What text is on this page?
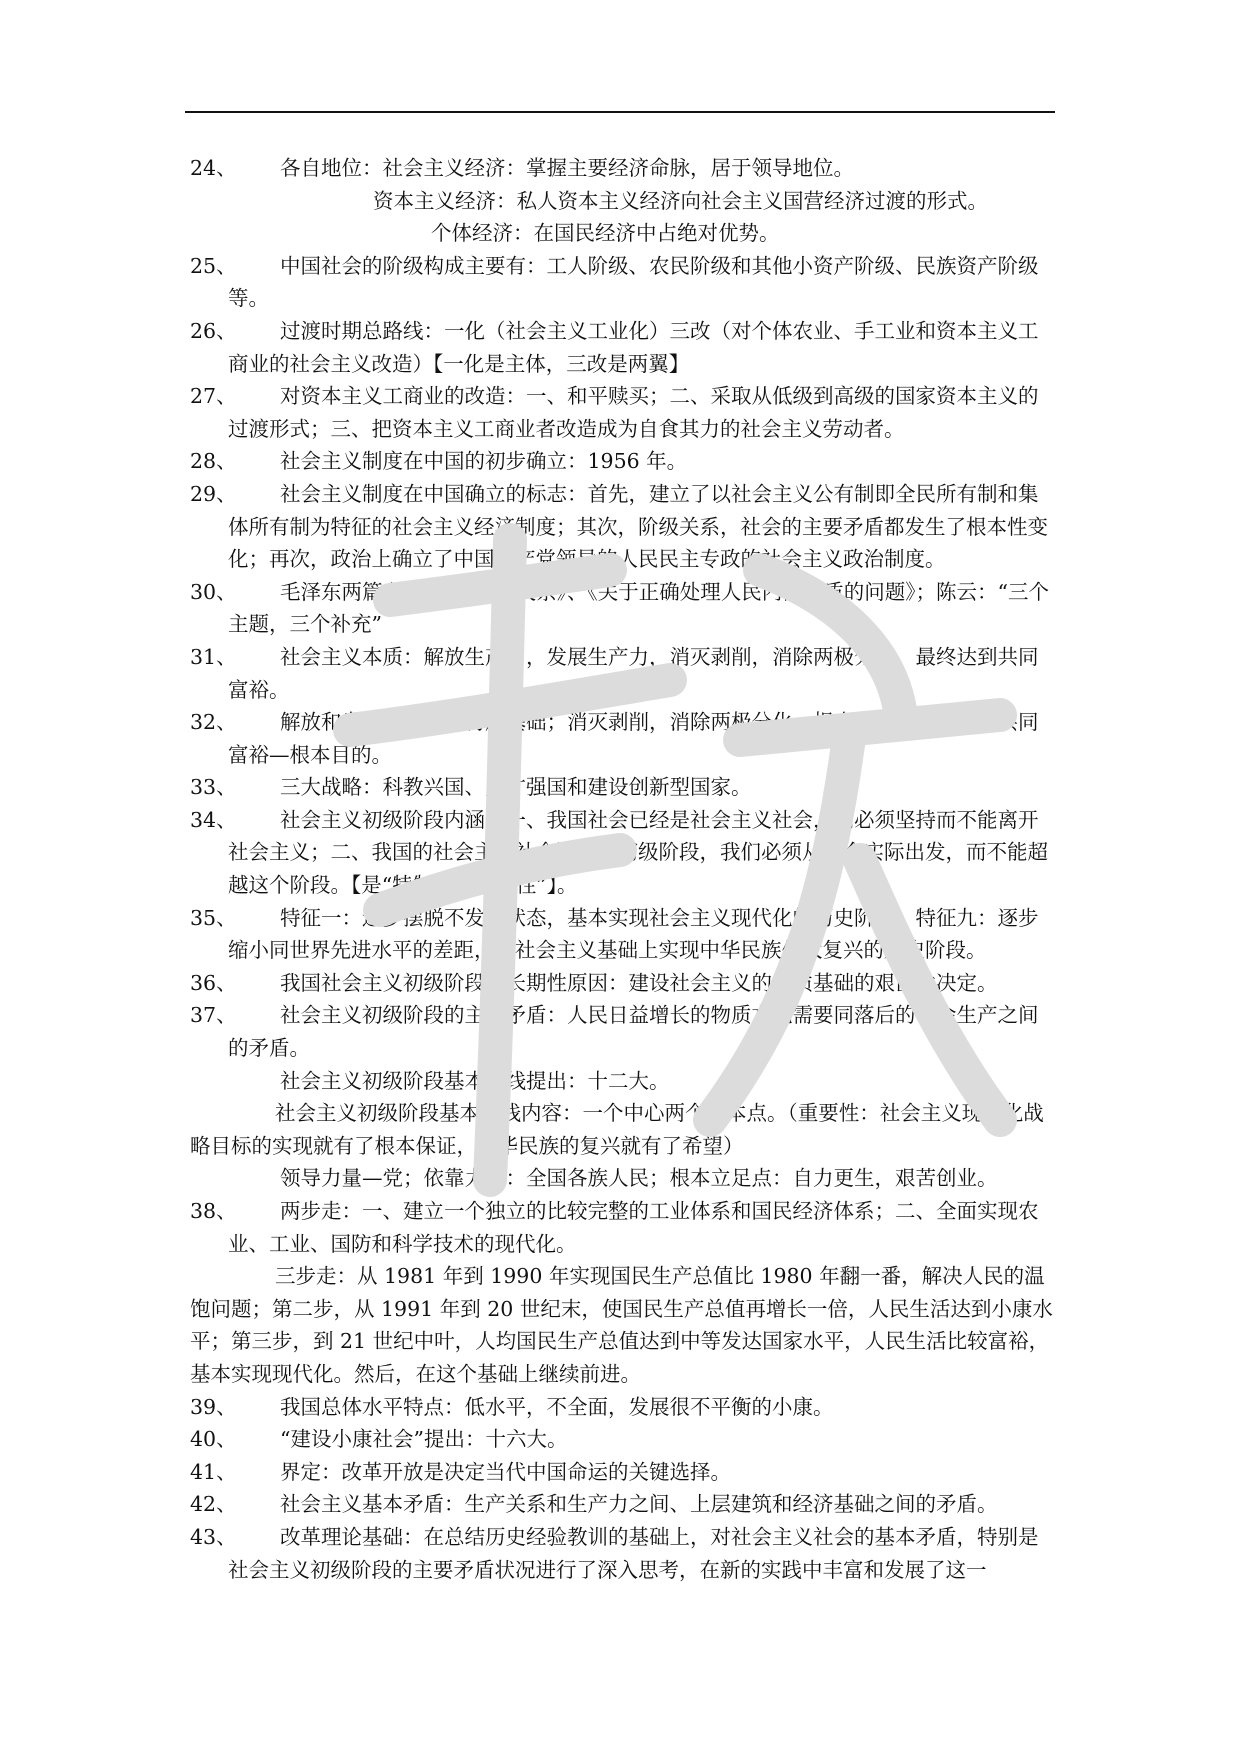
24、	各自地位：社会主义经济：掌握主要经济命脉，居于领导地位。
资本主义经济：私人资本主义经济向社会主义国营经济过渡的形式。
个体经济：在国民经济中占绝对优势。
25、	中国社会的阶级构成主要有：工人阶级、农民阶级和其他小资产阶级、民族资产阶级等。
26、	过渡时期总路线：一化（社会主义工业化）三改（对个体农业、手工业和资本主义工商业的社会主义改造）【一化是主体，三改是两翼】
27、	对资本主义工商业的改造：一、和平赎买；二、采取从低级到高级的国家资本主义的过渡形式；三、把资本主义工商业者改造成为自食其力的社会主义劳动者。
28、	社会主义制度在中国的初步确立：1956 年。
29、	社会主义制度在中国确立的标志：首先，建立了以社会主义公有制即全民所有制和集体所有制为特征的社会主义经济制度；其次，阶级关系，社会的主要矛盾都发生了根本性变化；再次，政治上确立了中国共产党领导的人民民主专政的社会主义政治制度。
30、	毛泽东两篇文章：《论十大关系》、《关于正确处理人民内部矛盾的问题》；陈云：“三个主题，三个补充”
31、	社会主义本质：解放生产力，发展生产力，消灭剥削，消除两极分化，最终达到共同富裕。
32、	解放和发展生产力—物质基础；消灭剥削，消除两极分化—根本保证；最终达到共同富裕—根本目的。
33、	三大战略：科教兴国、人才强国和建设创新型国家。
34、	社会主义初级阶段内涵：一、我国社会已经是社会主义社会，们必须坚持而不能离开社会主义；二、我国的社会主义社会还处于初级阶段，我们必须从这个实际出发，而不能超越这个阶段。【是“特制”而非“共性”】。
35、	特征一：逐步摆脱不发达状态，基本实现社会主义现代化的历史阶段；特征九：逐步缩小同世界先进水平的差距，在社会主义基础上实现中华民族伟大复兴的历史阶段。
36、	我国社会主义初级阶段的长期性原因：建设社会主义的物质基础的艰巨性决定。
37、	社会主义初级阶段的主要矛盾：人民日益增长的物质文化需要同落后的社会生产之间的矛盾。
社会主义初级阶段基本路线提出：十二大。
社会主义初级阶段基本路线内容：一个中心两个基本点。（重要性：社会主义现代化战略目标的实现就有了根本保证，中华民族的复兴就有了希望）
领导力量—党；依靠力量：全国各族人民；根本立足点：自力更生，艰苦创业。
38、	两步走：一、建立一个独立的比较完整的工业体系和国民经济体系；二、全面实现农业、工业、国防和科学技术的现代化。
三步走：从 1981 年到 1990 年实现国民生产总值比 1980 年翻一番，解决人民的温饱问题；第二步，从 1991 年到 20 世纪末，使国民生产总值再增长一倍，人民生活达到小康水平；第三步，到 21 世纪中叶，人均国民生产总值达到中等发达国家水平，人民生活比较富裕，基本实现现代化。然后，在这个基础上继续前进。
39、	我国总体水平特点：低水平，不全面，发展很不平衡的小康。
40、	“建设小康社会”提出：十六大。
41、	界定：改革开放是决定当代中国命运的关键选择。
42、	社会主义基本矛盾：生产关系和生产力之间、上层建筑和经济基础之间的矛盾。
43、	改革理论基础：在总结历史经验教训的基础上，对社会主义社会的基本矛盾，特别是社会主义初级阶段的主要矛盾状况进行了深入思考，在新的实践中丰富和发展了这一
